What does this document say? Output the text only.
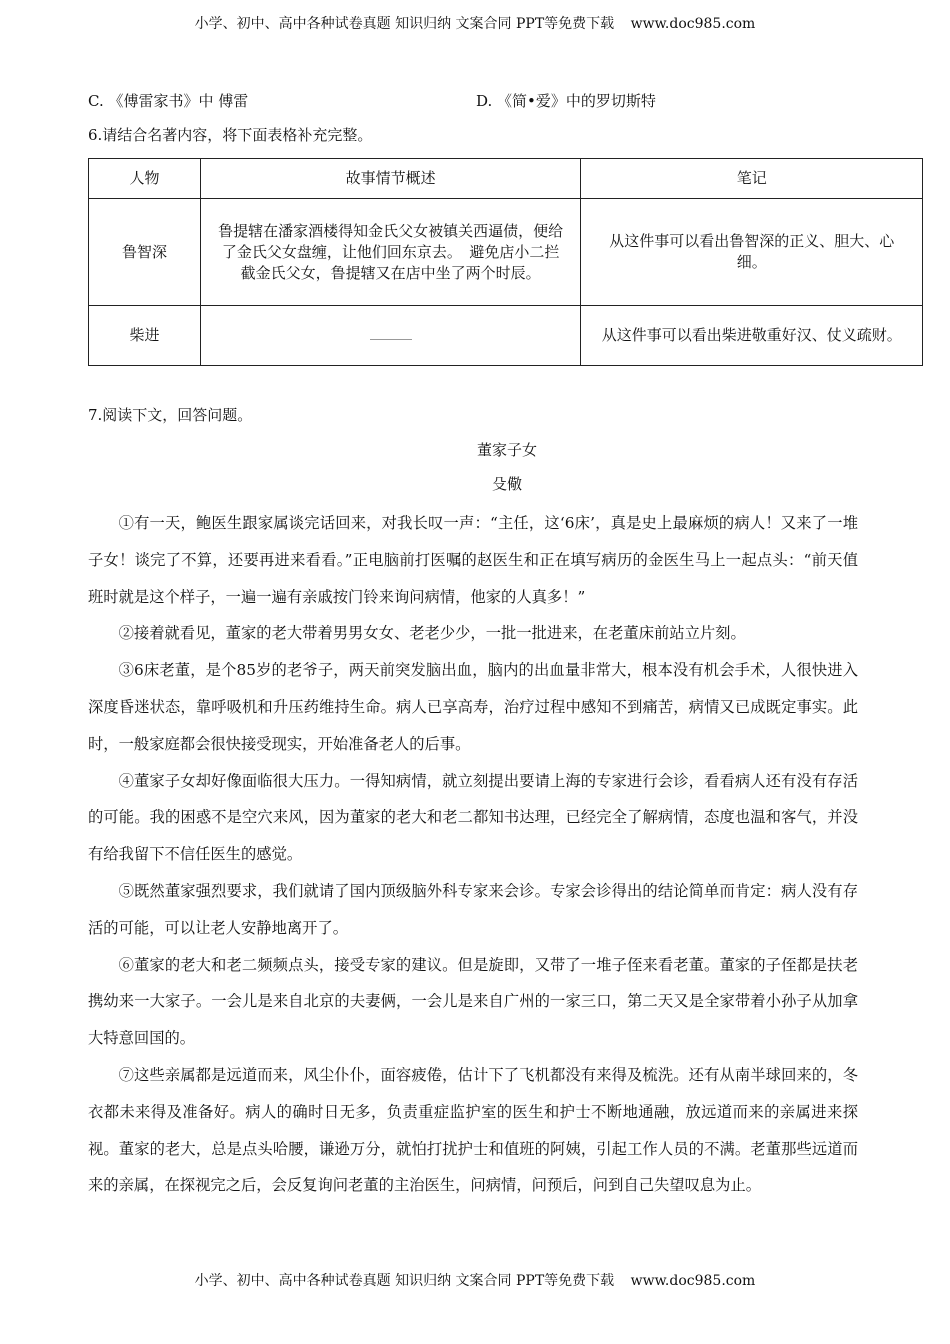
小学、初中、高中各种试卷真题 知识归纳 文案合同 PPT等免费下载 www.doc985.com
C. 《傅雷家书》中 傅雷	D. 《简•爱》中的罗切斯特
6.请结合名著内容，将下面表格补充完整。
人物	故事情节概述	笔记
鲁智深	鲁提辖在潘家酒楼得知金氏父女被镇关西逼债，便给了金氏父女盘缠，让他们回东京去。　避免店小二拦截金氏父女，鲁提辖又在店中坐了两个时辰。	从这件事可以看出鲁智深的正义、胆大、心细。
柴进		从这件事可以看出柴进敬重好汉、仗义疏财。
7.阅读下文，回答问题。
董家子女
殳儆

①有一天，鲍医生跟家属谈完话回来，对我长叹一声：“主任，这‘6床’，真是史上最麻烦的病人！又来了一堆子女！谈完了不算，还要再进来看看。”正电脑前打医嘱的赵医生和正在填写病历的金医生马上一起点头：“前天值班时就是这个样子，一遍一遍有亲戚按门铃来询问病情，他家的人真多！”

②接着就看见，董家的老大带着男男女女、老老少少，一批一批进来，在老董床前站立片刻。

③6床老董，是个85岁的老爷子，两天前突发脑出血，脑内的出血量非常大，根本没有机会手术，人很快进入深度昏迷状态，靠呼吸机和升压药维持生命。病人已享高寿，治疗过程中感知不到痛苦，病情又已成既定事实。此时，一般家庭都会很快接受现实，开始准备老人的后事。

④董家子女却好像面临很大压力。一得知病情，就立刻提出要请上海的专家进行会诊，看看病人还有没有存活的可能。我的困惑不是空穴来风，因为董家的老大和老二都知书达理，已经完全了解病情，态度也温和客气，并没有给我留下不信任医生的感觉。

⑤既然董家强烈要求，我们就请了国内顶级脑外科专家来会诊。专家会诊得出的结论简单而肯定：病人没有存活的可能，可以让老人安静地离开了。

⑥董家的老大和老二频频点头，接受专家的建议。但是旋即，又带了一堆子侄来看老董。董家的子侄都是扶老携幼来一大家子。一会儿是来自北京的夫妻俩，一会儿是来自广州的一家三口，第二天又是全家带着小孙子从加拿大特意回国的。

⑦这些亲属都是远道而来，风尘仆仆，面容疲倦，估计下了飞机都没有来得及梳洗。还有从南半球回来的，冬衣都未来得及准备好。病人的确时日无多，负责重症监护室的医生和护士不断地通融，放远道而来的亲属进来探视。董家的老大，总是点头哈腰，谦逊万分，就怕打扰护士和值班的阿姨，引起工作人员的不满。老董那些远道而来的亲属，在探视完之后，会反复询问老董的主治医生，问病情，问预后，问到自己失望叹息为止。

小学、初中、高中各种试卷真题 知识归纳 文案合同 PPT等免费下载 www.doc985.com
